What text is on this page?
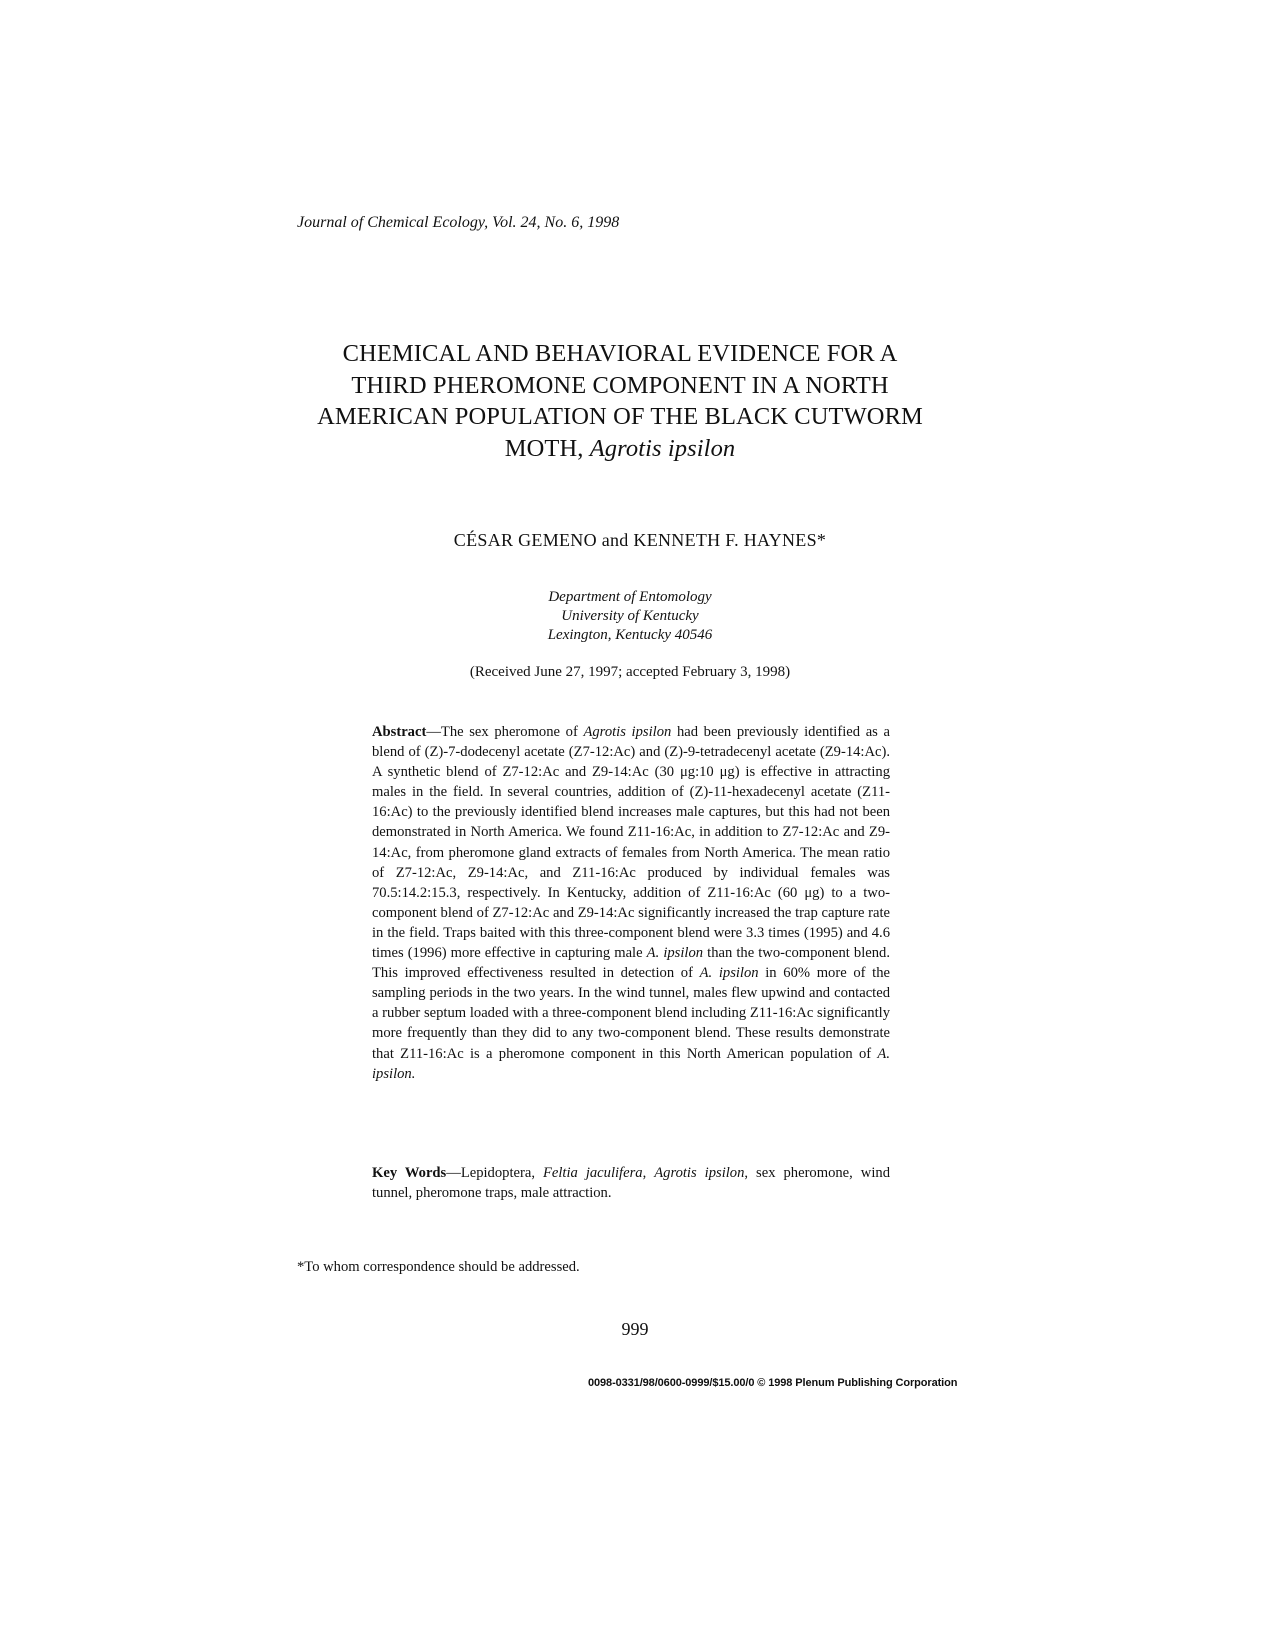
Journal of Chemical Ecology, Vol. 24, No. 6, 1998
CHEMICAL AND BEHAVIORAL EVIDENCE FOR A
THIRD PHEROMONE COMPONENT IN A NORTH
AMERICAN POPULATION OF THE BLACK CUTWORM
MOTH, Agrotis ipsilon
CÉSAR GEMENO and KENNETH F. HAYNES*
Department of Entomology
University of Kentucky
Lexington, Kentucky 40546
(Received June 27, 1997; accepted February 3, 1998)
Abstract—The sex pheromone of Agrotis ipsilon had been previously identified as a blend of (Z)-7-dodecenyl acetate (Z7-12:Ac) and (Z)-9-tetradecenyl acetate (Z9-14:Ac). A synthetic blend of Z7-12:Ac and Z9-14:Ac (30 μg:10 μg) is effective in attracting males in the field. In several countries, addition of (Z)-11-hexadecenyl acetate (Z11-16:Ac) to the previously identified blend increases male captures, but this had not been demonstrated in North America. We found Z11-16:Ac, in addition to Z7-12:Ac and Z9-14:Ac, from pheromone gland extracts of females from North America. The mean ratio of Z7-12:Ac, Z9-14:Ac, and Z11-16:Ac produced by individual females was 70.5:14.2:15.3, respectively. In Kentucky, addition of Z11-16:Ac (60 μg) to a two-component blend of Z7-12:Ac and Z9-14:Ac significantly increased the trap capture rate in the field. Traps baited with this three-component blend were 3.3 times (1995) and 4.6 times (1996) more effective in capturing male A. ipsilon than the two-component blend. This improved effectiveness resulted in detection of A. ipsilon in 60% more of the sampling periods in the two years. In the wind tunnel, males flew upwind and contacted a rubber septum loaded with a three-component blend including Z11-16:Ac significantly more frequently than they did to any two-component blend. These results demonstrate that Z11-16:Ac is a pheromone component in this North American population of A. ipsilon.
Key Words—Lepidoptera, Feltia jaculifera, Agrotis ipsilon, sex pheromone, wind tunnel, pheromone traps, male attraction.
*To whom correspondence should be addressed.
999
0098-0331/98/0600-0999/$15.00/0 © 1998 Plenum Publishing Corporation
